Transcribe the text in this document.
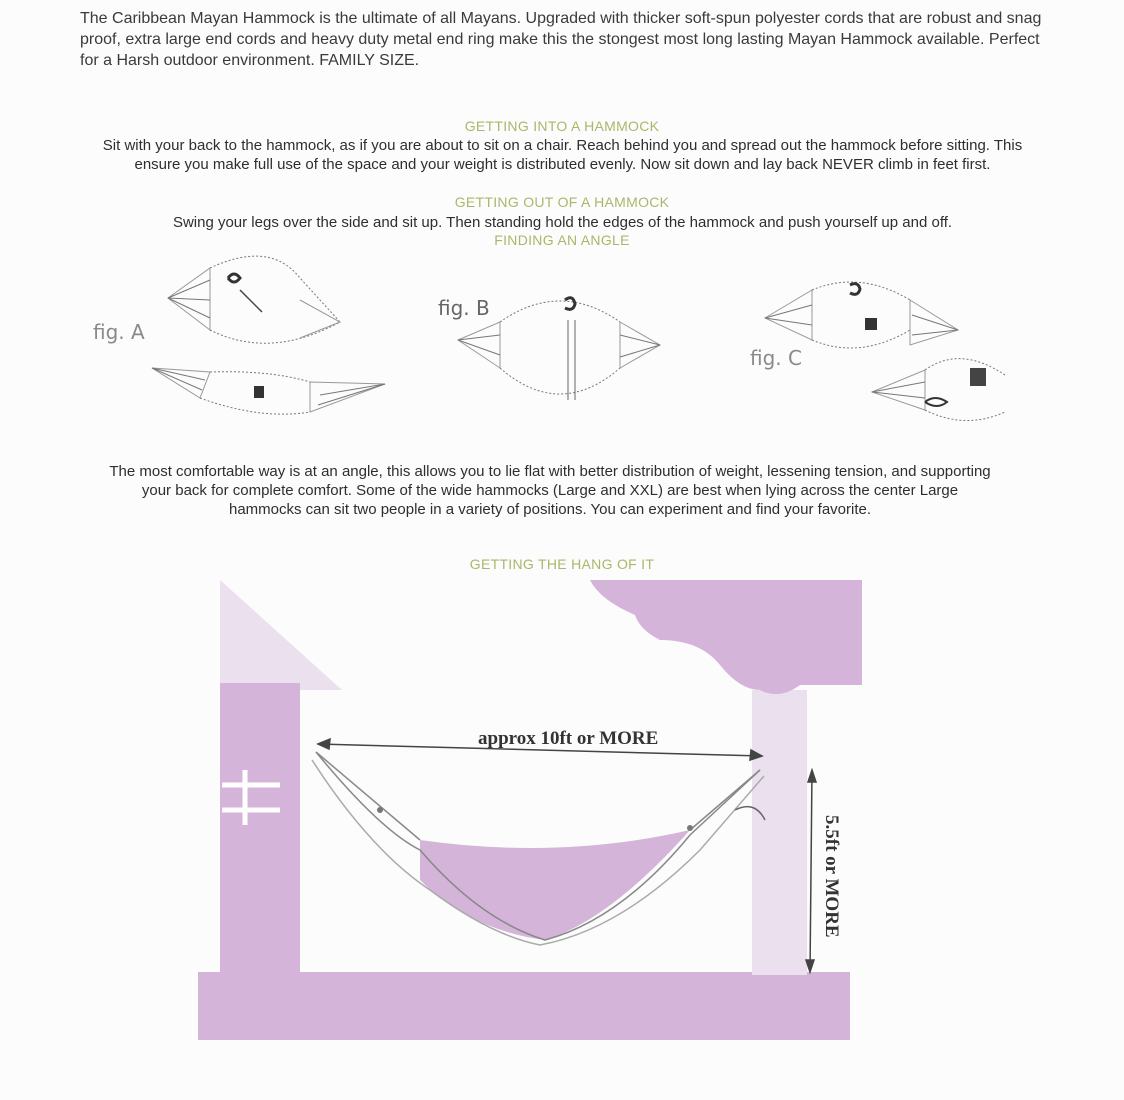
The Caribbean Mayan Hammock is the ultimate of all Mayans. Upgraded with thicker soft-spun polyester cords that are robust and snag proof, extra large end cords and heavy duty metal end ring make this the stongest most long lasting Mayan Hammock available. Perfect for a Harsh outdoor environment. FAMILY SIZE.

GETTING INTO A HAMMOCK

Sit with your back to the hammock, as if you are about to sit on a chair. Reach behind you and spread out the hammock before sitting. This ensure you make full use of the space and your weight is distributed evenly. Now sit down and lay back NEVER climb in feet first.

GETTING OUT OF A HAMMOCK

Swing your legs over the side and sit up. Then standing hold the edges of the hammock and push yourself up and off.

FINDING AN ANGLE

fig. A
fig. B
fig. C

The most comfortable way is at an angle, this allows you to lie flat with better distribution of weight, lessening tension, and supporting your back for complete comfort. Some of the wide hammocks (Large and XXL) are best when lying across the center Large hammocks can sit two people in a variety of positions. You can experiment and find your favorite.

GETTING THE HANG OF IT

approx 10ft or MORE
5.5ft or MORE
